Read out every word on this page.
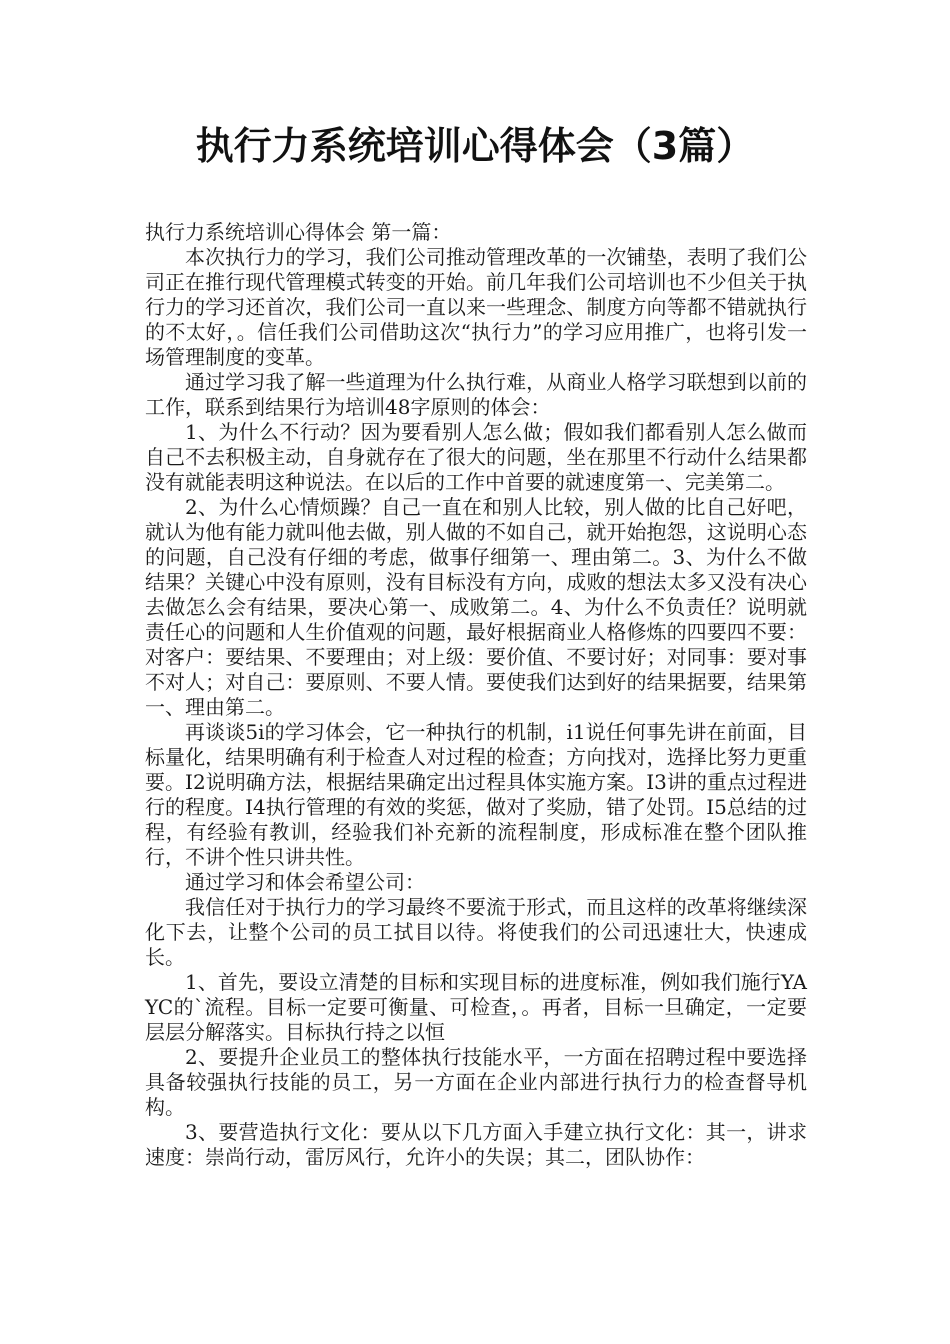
执行力系统培训心得体会（3篇）

执行力系统培训心得体会 第一篇：

本次执行力的学习，我们公司推动管理改革的一次铺垫，表明了我们公司正在推行现代管理模式转变的开始。前几年我们公司培训也不少但关于执行力的学习还首次，我们公司一直以来一些理念、制度方向等都不错就执行的不太好，。信任我们公司借助这次“执行力”的学习应用推广，也将引发一场管理制度的变革。

通过学习我了解一些道理为什么执行难，从商业人格学习联想到以前的工作，联系到结果行为培训48字原则的体会：

1、为什么不行动？因为要看别人怎么做；假如我们都看别人怎么做而自己不去积极主动，自身就存在了很大的问题，坐在那里不行动什么结果都没有就能表明这种说法。在以后的工作中首要的就速度第一、完美第二。

2、为什么心情烦躁？自己一直在和别人比较，别人做的比自己好吧，就认为他有能力就叫他去做，别人做的不如自己，就开始抱怨，这说明心态的问题，自己没有仔细的考虑，做事仔细第一、理由第二。3、为什么不做结果？关键心中没有原则，没有目标没有方向，成败的想法太多又没有决心去做怎么会有结果，要决心第一、成败第二。4、为什么不负责任？说明就责任心的问题和人生价值观的问题，最好根据商业人格修炼的四要四不要：对客户：要结果、不要理由；对上级：要价值、不要讨好；对同事：要对事不对人；对自己：要原则、不要人情。要使我们达到好的结果据要，结果第一、理由第二。

再谈谈5i的学习体会，它一种执行的机制，i1说任何事先讲在前面，目标量化，结果明确有利于检查人对过程的检查；方向找对，选择比努力更重要。I2说明确方法，根据结果确定出过程具体实施方案。I3讲的重点过程进行的程度。I4执行管理的有效的奖惩，做对了奖励，错了处罚。I5总结的过程，有经验有教训，经验我们补充新的流程制度，形成标准在整个团队推行，不讲个性只讲共性。

通过学习和体会希望公司：

我信任对于执行力的学习最终不要流于形式，而且这样的改革将继续深化下去，让整个公司的员工拭目以待。将使我们的公司迅速壮大，快速成长。

1、首先，要设立清楚的目标和实现目标的进度标准，例如我们施行YAYC的`流程。目标一定要可衡量、可检查，。再者，目标一旦确定，一定要层层分解落实。目标执行持之以恒

2、要提升企业员工的整体执行技能水平，一方面在招聘过程中要选择具备较强执行技能的员工，另一方面在企业内部进行执行力的检查督导机构。

3、要营造执行文化：要从以下几方面入手建立执行文化：其一，讲求速度：崇尚行动，雷厉风行，允许小的失误；其二，团队协作：
